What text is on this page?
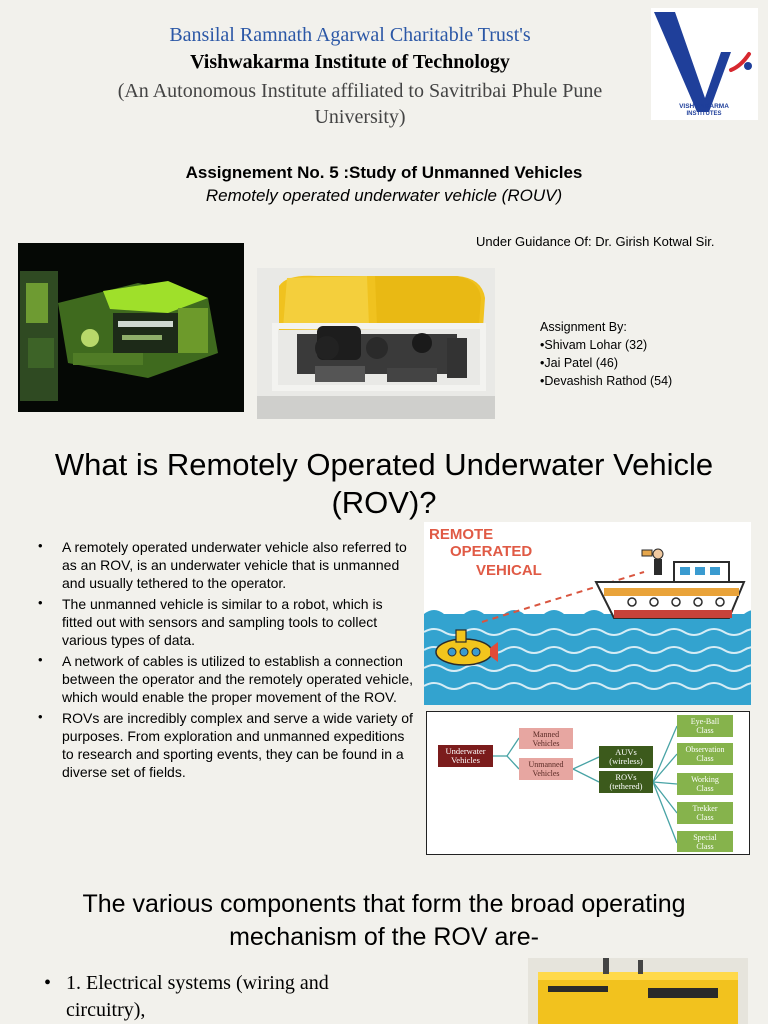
Bansilal Ramnath Agarwal Charitable Trust's
Vishwakarma Institute of Technology
(An Autonomous Institute affiliated to Savitribai Phule Pune University)	VISHWAKARMA
INSTITUTES
Assignement No. 5 :Study of Unmanned Vehicles
Remotely operated underwater vehicle (ROUV)
Under Guidance Of: Dr. Girish Kotwal Sir.
Assignment By:
•Shivam Lohar (32)
•Jai Patel (46)
•Devashish Rathod (54)
What is Remotely Operated Underwater Vehicle (ROV)?
• A remotely operated underwater vehicle also referred to as an ROV, is an underwater vehicle that is unmanned and usually tethered to the operator.
• The unmanned vehicle is similar to a robot, which is fitted out with sensors and sampling tools to collect various types of data.
• A network of cables is utilized to establish a connection between the operator and the remotely operated vehicle, which would enable the proper movement of the ROV.
• ROVs are incredibly complex and serve a wide variety of purposes. From exploration and unmanned expeditions to research and sporting events, they can be found in a diverse set of fields.
REMOTE
OPERATED
VEHICAL
Underwater Vehicles
Manned Vehicles
Unmanned Vehicles
AUVs (wireless)
ROVs (tethered)
Eye-Ball Class
Observation Class
Working Class
Trekker Class
Special Class
The various components that form the broad operating mechanism of the ROV are-
• 1. Electrical systems (wiring and circuitry),
